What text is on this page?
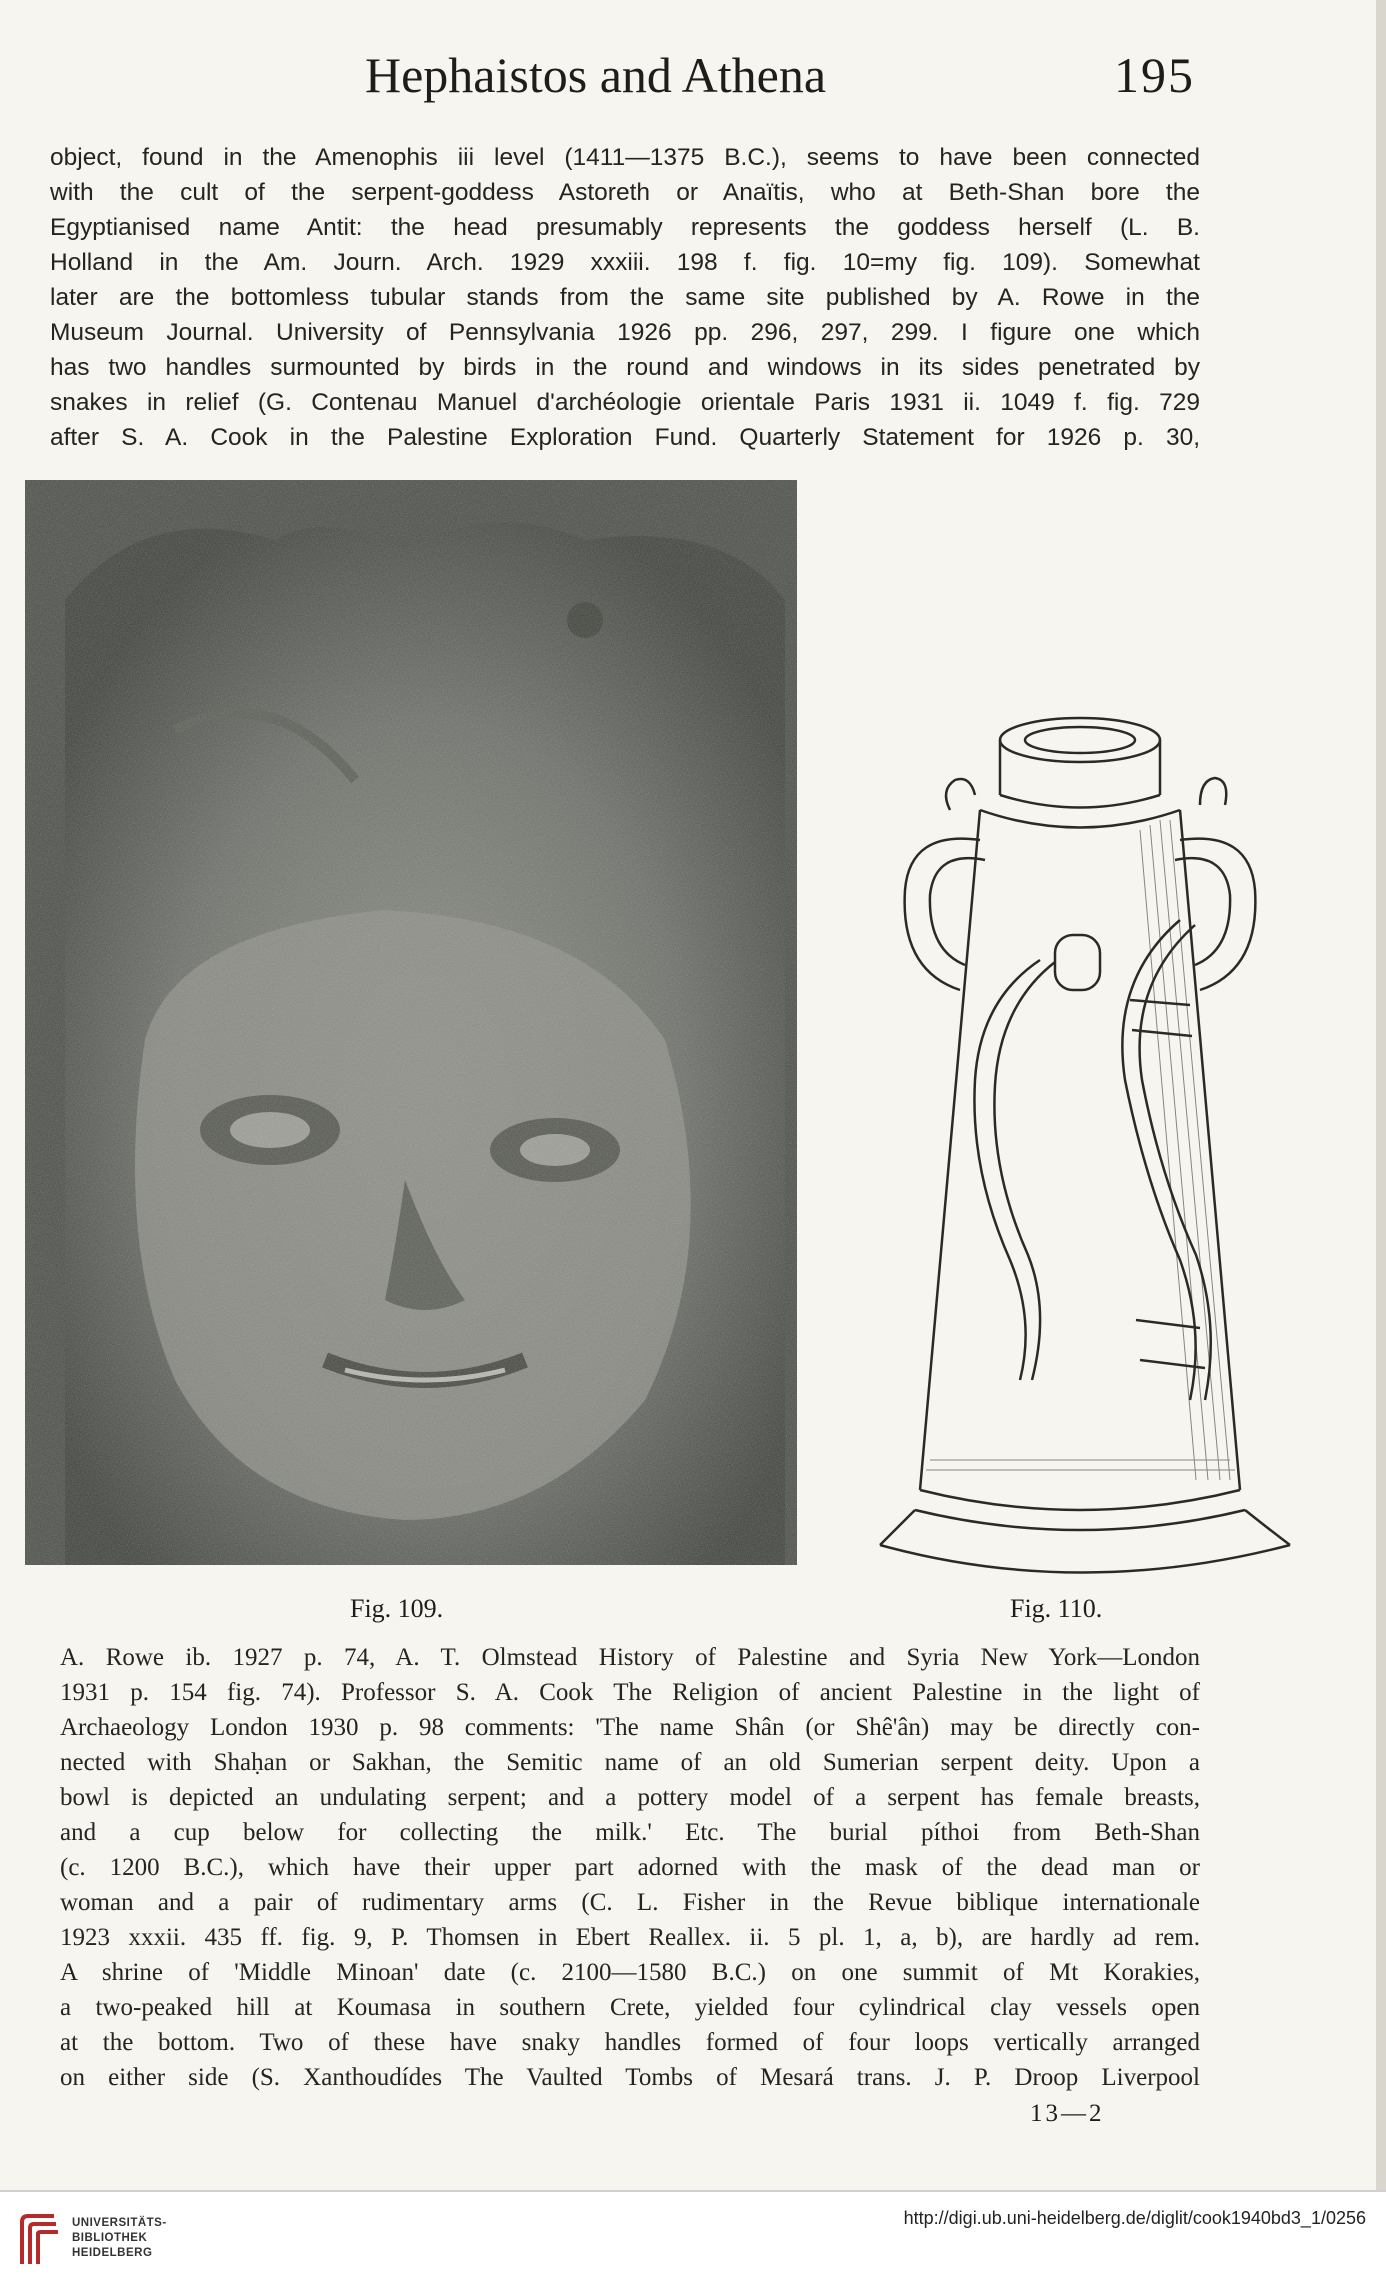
Hephaistos and Athena	195
object, found in the Amenophis iii level (1411—1375 B.C.), seems to have been connected
with the cult of the serpent-goddess Astoreth or Anaïtis, who at Beth-Shan bore the
Egyptianised name Antit: the head presumably represents the goddess herself (L. B.
Holland in the Am. Journ. Arch. 1929 xxxiii. 198 f. fig. 10=my fig. 109). Somewhat
later are the bottomless tubular stands from the same site published by A. Rowe in the
Museum Journal. University of Pennsylvania 1926 pp. 296, 297, 299. I figure one which
has two handles surmounted by birds in the round and windows in its sides penetrated by
snakes in relief (G. Contenau Manuel d'archéologie orientale Paris 1931 ii. 1049 f. fig. 729
after S. A. Cook in the Palestine Exploration Fund. Quarterly Statement for 1926 p. 30,
Fig. 109.	Fig. 110.
A. Rowe ib. 1927 p. 74, A. T. Olmstead History of Palestine and Syria New York—London
1931 p. 154 fig. 74). Professor S. A. Cook The Religion of ancient Palestine in the light of
Archaeology London 1930 p. 98 comments: 'The name Shân (or Shê'ân) may be directly con-
nected with Shaḥan or Sakhan, the Semitic name of an old Sumerian serpent deity. Upon a
bowl is depicted an undulating serpent; and a pottery model of a serpent has female breasts,
and a cup below for collecting the milk.' Etc. The burial píthoi from Beth-Shan
(c. 1200 B.C.), which have their upper part adorned with the mask of the dead man or
woman and a pair of rudimentary arms (C. L. Fisher in the Revue biblique internationale
1923 xxxii. 435 ff. fig. 9, P. Thomsen in Ebert Reallex. ii. 5 pl. 1, a, b), are hardly ad rem.
A shrine of 'Middle Minoan' date (c. 2100—1580 B.C.) on one summit of Mt Korakies,
a two-peaked hill at Koumasa in southern Crete, yielded four cylindrical clay vessels open
at the bottom. Two of these have snaky handles formed of four loops vertically arranged
on either side (S. Xanthoudídes The Vaulted Tombs of Mesará trans. J. P. Droop Liverpool
13—2
UNIVERSITÄTS-
BIBLIOTHEK
HEIDELBERG
http://digi.ub.uni-heidelberg.de/diglit/cook1940bd3_1/0256
